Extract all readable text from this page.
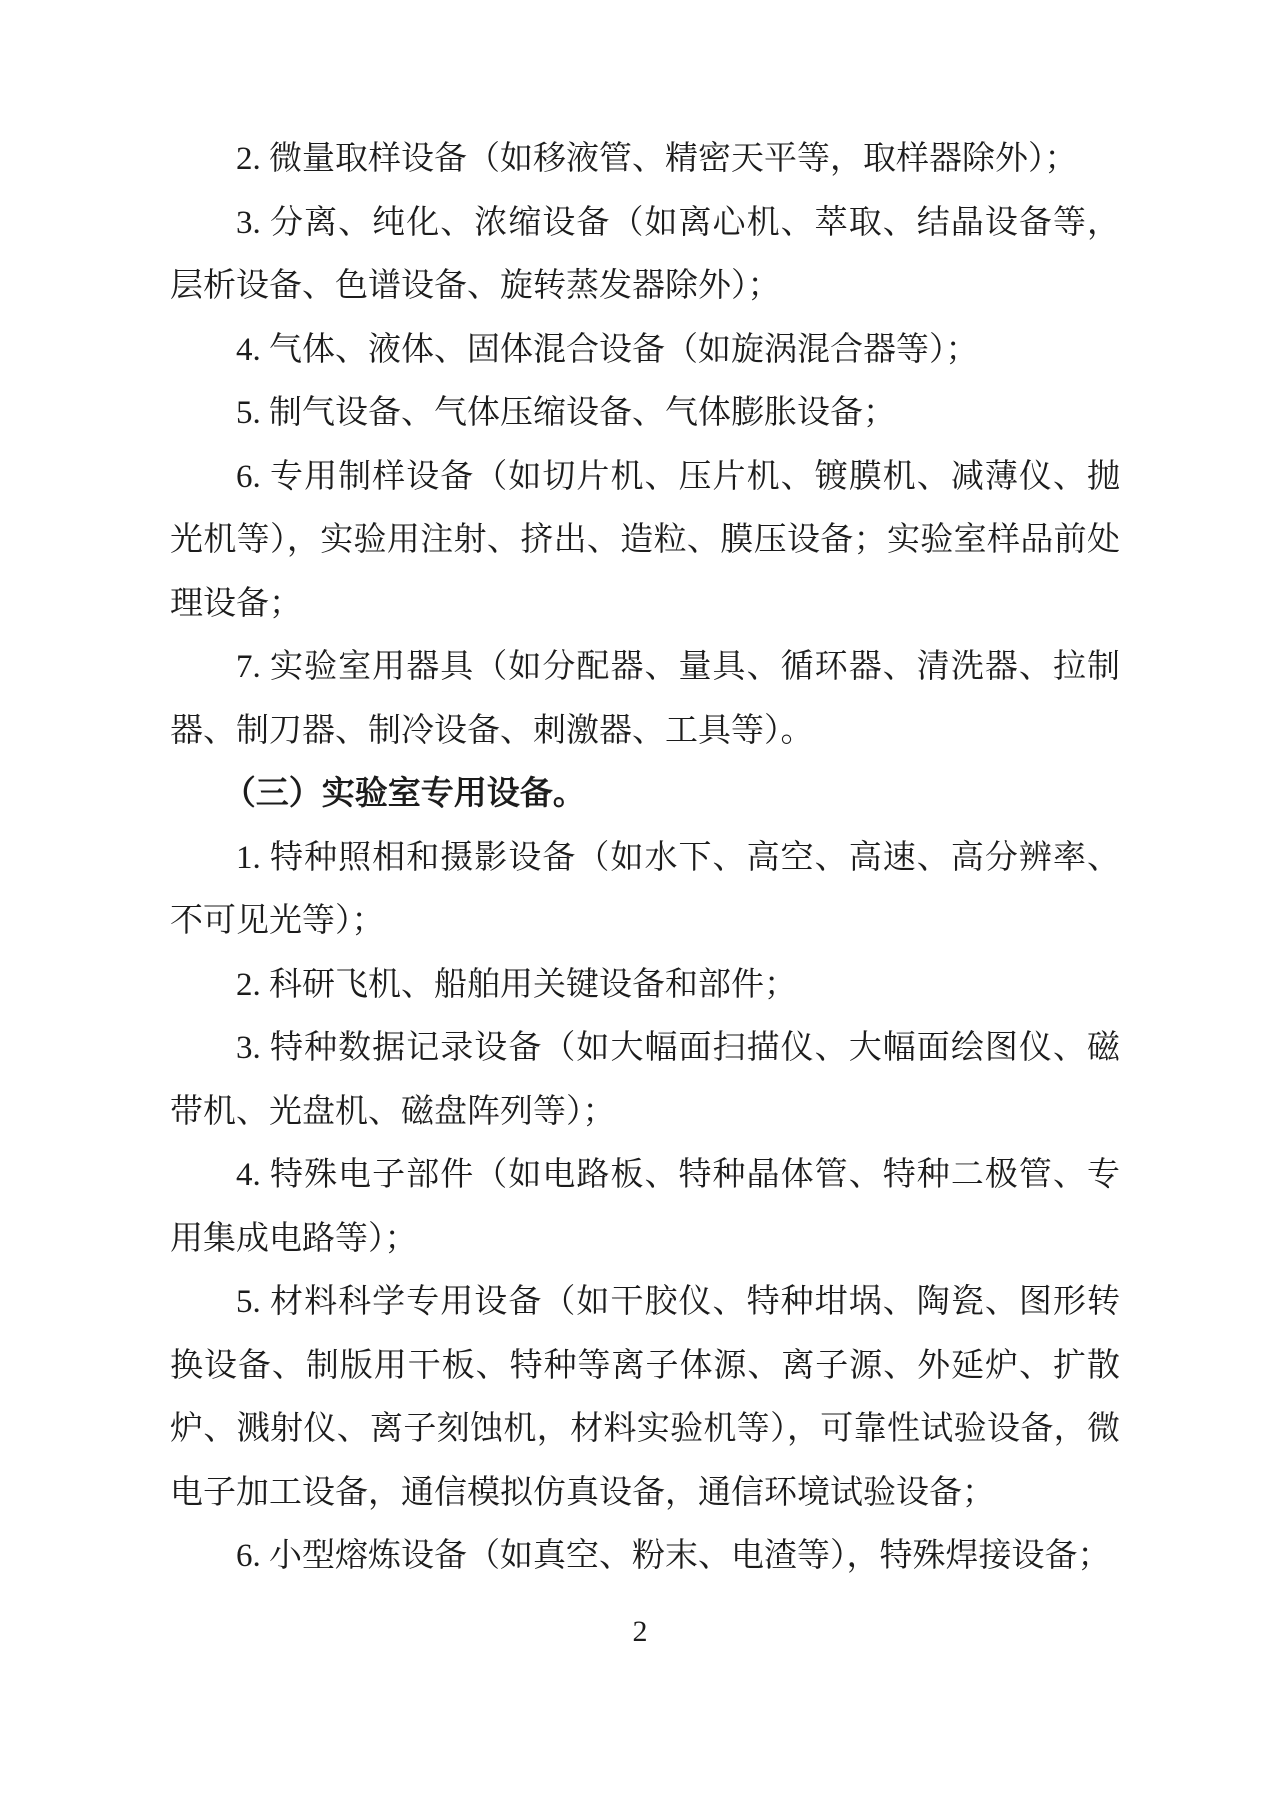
2. 微量取样设备（如移液管、精密天平等，取样器除外）；

3. 分离、纯化、浓缩设备（如离心机、萃取、结晶设备等，层析设备、色谱设备、旋转蒸发器除外）；

4. 气体、液体、固体混合设备（如旋涡混合器等）；

5. 制气设备、气体压缩设备、气体膨胀设备；

6. 专用制样设备（如切片机、压片机、镀膜机、减薄仪、抛光机等），实验用注射、挤出、造粒、膜压设备；实验室样品前处理设备；

7. 实验室用器具（如分配器、量具、循环器、清洗器、拉制器、制刀器、制冷设备、刺激器、工具等）。

（三）实验室专用设备。

1. 特种照相和摄影设备（如水下、高空、高速、高分辨率、不可见光等）；

2. 科研飞机、船舶用关键设备和部件；

3. 特种数据记录设备（如大幅面扫描仪、大幅面绘图仪、磁带机、光盘机、磁盘阵列等）；

4. 特殊电子部件（如电路板、特种晶体管、特种二极管、专用集成电路等）；

5. 材料科学专用设备（如干胶仪、特种坩埚、陶瓷、图形转换设备、制版用干板、特种等离子体源、离子源、外延炉、扩散炉、溅射仪、离子刻蚀机，材料实验机等），可靠性试验设备，微电子加工设备，通信模拟仿真设备，通信环境试验设备；

6. 小型熔炼设备（如真空、粉末、电渣等），特殊焊接设备；

2
